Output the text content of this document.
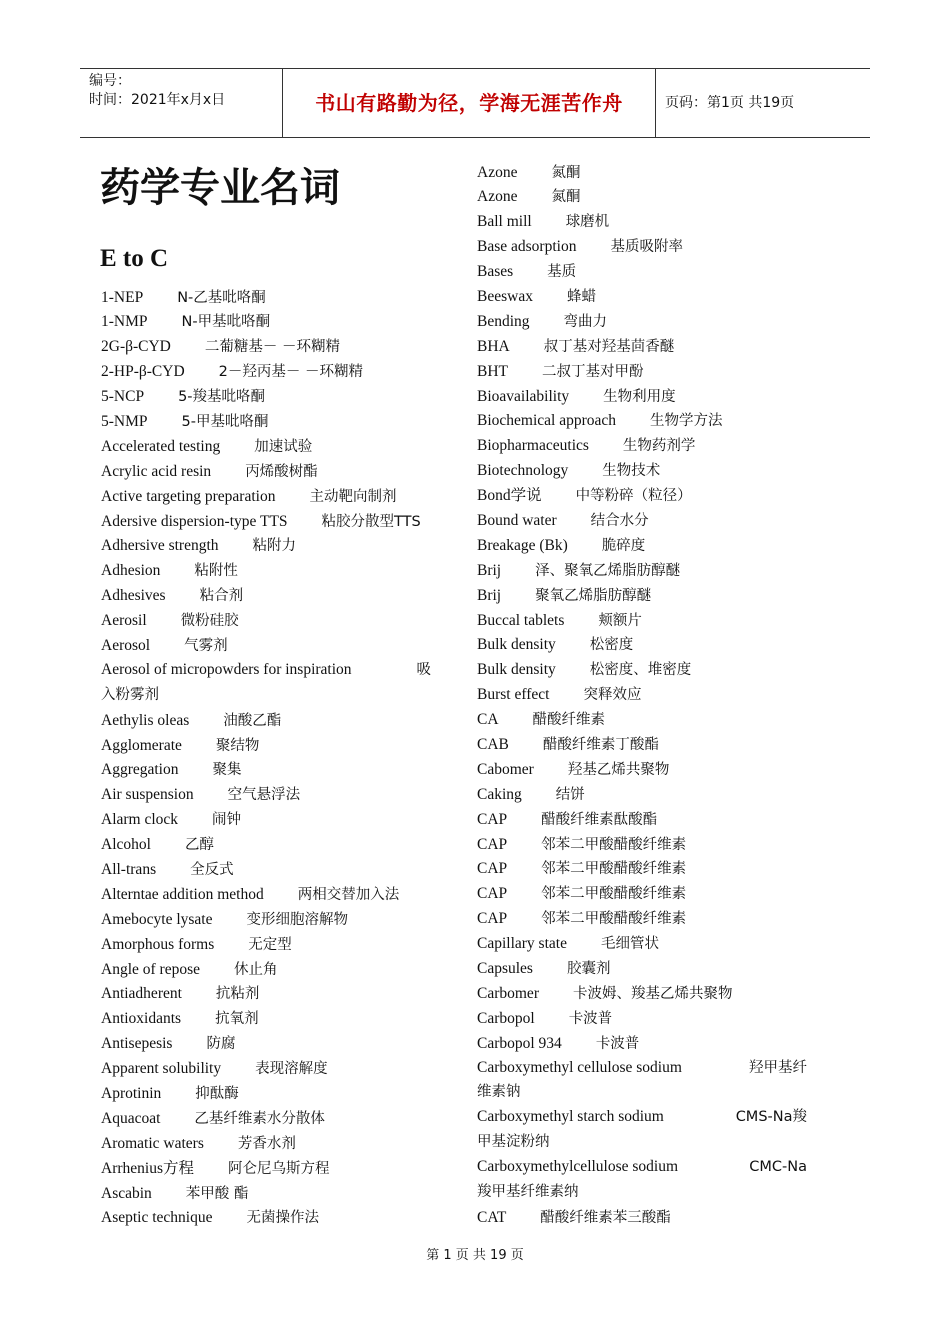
编号：
时间：2021年x月x日	书山有路勤为径，学海无涯苦作舟	页码：第1页 共19页
药学专业名词
E to C
1-NEP N-乙基吡咯酮
1-NMP N-甲基吡咯酮
2G-β-CYD 二葡糖基－ －环糊精
2-HP-β-CYD 2－羟丙基－ －环糊精
5-NCP 5-羧基吡咯酮
5-NMP 5-甲基吡咯酮
Accelerated testing 加速试验
Acrylic acid resin 丙烯酸树酯
Active targeting preparation 主动靶向制剂
Adersive dispersion-type TTS 粘胶分散型TTS
Adhersive strength 粘附力
Adhesion 粘附性
Adhesives 粘合剂
Aerosil 微粉硅胶
Aerosol 气雾剂
Aerosol of micropowders for inspiration	吸
入粉雾剂
Aethylis oleas 油酸乙酯
Agglomerate 聚结物
Aggregation 聚集
Air suspension 空气悬浮法
Alarm clock 闹钟
Alcohol 乙醇
All-trans 全反式
Alterntae addition method 两相交替加入法
Amebocyte lysate 变形细胞溶解物
Amorphous forms 无定型
Angle of repose 休止角
Antiadherent 抗粘剂
Antioxidants 抗氧剂
Antisepesis 防腐
Apparent solubility 表现溶解度
Aprotinin 抑酞酶
Aquacoat 乙基纤维素水分散体
Aromatic waters 芳香水剂
Arrhenius方程 阿仑尼乌斯方程
Ascabin 苯甲酸 酯
Aseptic technique 无菌操作法
Azone 氮酮
Azone 氮酮
Ball mill 球磨机
Base adsorption 基质吸附率
Bases 基质
Beeswax 蜂蜡
Bending 弯曲力
BHA 叔丁基对羟基茴香醚
BHT 二叔丁基对甲酚
Bioavailability 生物利用度
Biochemical approach 生物学方法
Biopharmaceutics 生物药剂学
Biotechnology 生物技术
Bond学说 中等粉碎（粒径）
Bound water 结合水分
Breakage (Bk) 脆碎度
Brij 泽、聚氧乙烯脂肪醇醚
Brij 聚氧乙烯脂肪醇醚
Buccal tablets 颊额片
Bulk density 松密度
Bulk density 松密度、堆密度
Burst effect 突释效应
CA 醋酸纤维素
CAB 醋酸纤维素丁酸酯
Cabomer 羟基乙烯共聚物
Caking 结饼
CAP 醋酸纤维素酞酸酯
CAP 邻苯二甲酸醋酸纤维素
CAP 邻苯二甲酸醋酸纤维素
CAP 邻苯二甲酸醋酸纤维素
CAP 邻苯二甲酸醋酸纤维素
Capillary state 毛细管状
Capsules 胶囊剂
Carbomer 卡波姆、羧基乙烯共聚物
Carbopol 卡波普
Carbopol 934 卡波普
Carboxymethyl cellulose sodium	羟甲基纤
维素钠
Carboxymethyl starch sodium	CMS-Na羧
甲基淀粉纳
Carboxymethylcellulose sodium	CMC-Na
羧甲基纤维素纳
CAT 醋酸纤维素苯三酸酯
第 1 页 共 19 页
